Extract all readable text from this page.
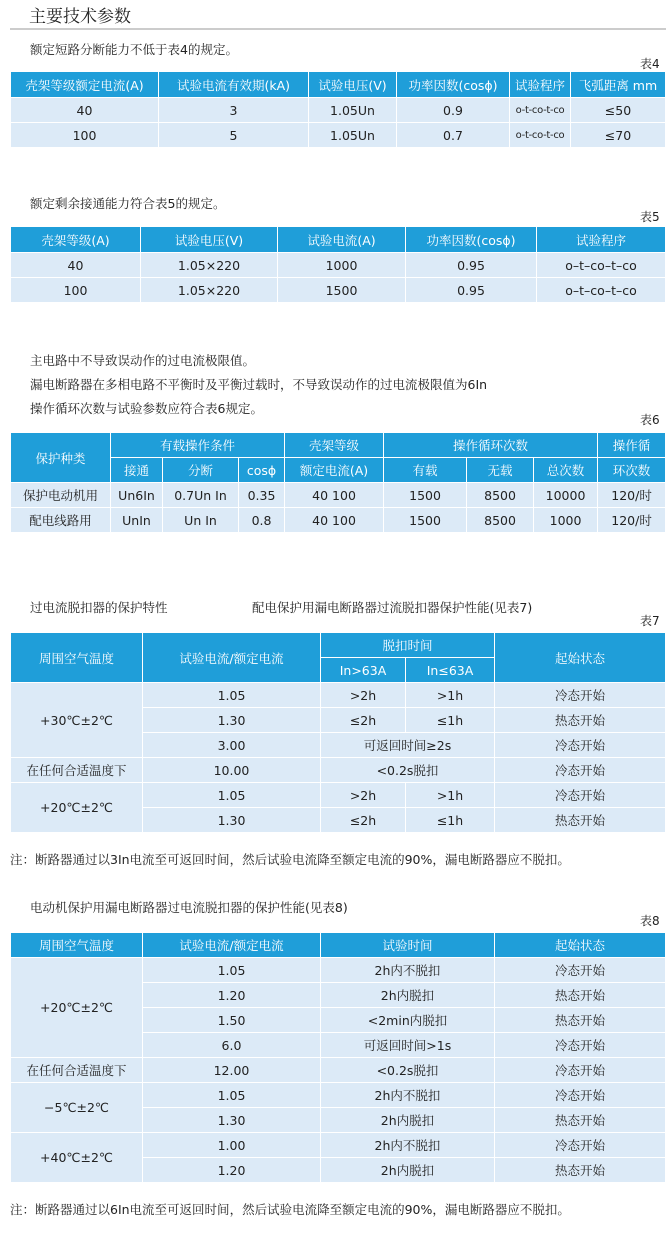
主要技术参数
额定短路分断能力不低于表4的规定。
表4
壳架等级额定电流(A)	试验电流有效期(kA)	试验电压(V)	功率因数(cosϕ)	试验程序	飞弧距离 mm
40	3	1.05Un	0.9	o-t-co-t-co	≤50
100	5	1.05Un	0.7	o-t-co-t-co	≤70
额定剩余接通能力符合表5的规定。
表5
壳架等级(A)	试验电压(V)	试验电流(A)	功率因数(cosϕ)	试验程序
40	1.05×220	1000	0.95	o–t–co–t–co
100	1.05×220	1500	0.95	o–t–co–t–co
主电路中不导致误动作的过电流极限值。
漏电断路器在多相电路不平衡时及平衡过载时，不导致误动作的过电流极限值为6In
操作循环次数与试验参数应符合表6规定。
表6
保护种类	有载操作条件			壳架等级	操作循环次数			操作循
	接通	分断	cosϕ	额定电流(A)	有载	无载	总次数	环次数
保护电动机用	Un6In	0.7Un In	0.35	40 100	1500	8500	10000	120/时
配电线路用	UnIn	Un In	0.8	40 100	1500	8500	1000	120/时
过电流脱扣器的保护特性	配电保护用漏电断路器过流脱扣器保护性能(见表7)
表7
周围空气温度	试验电流/额定电流	脱扣时间		起始状态
		In>63A	In≤63A	
+30℃±2℃	1.05	>2h	>1h	冷态开始
	1.30	≤2h	≤1h	热态开始
	3.00	可返回时间≥2s		冷态开始
在任何合适温度下	10.00	<0.2s脱扣		冷态开始
+20℃±2℃	1.05	>2h	>1h	冷态开始
	1.30	≤2h	≤1h	热态开始
注：断路器通过以3In电流至可返回时间，然后试验电流降至额定电流的90%，漏电断路器应不脱扣。
电动机保护用漏电断路器过电流脱扣器的保护性能(见表8)
表8
周围空气温度	试验电流/额定电流	试验时间	起始状态
+20℃±2℃	1.05	2h内不脱扣	冷态开始
	1.20	2h内脱扣	热态开始
	1.50	<2min内脱扣	热态开始
	6.0	可返回时间>1s	冷态开始
在任何合适温度下	12.00	<0.2s脱扣	冷态开始
−5℃±2℃	1.05	2h内不脱扣	冷态开始
	1.30	2h内脱扣	热态开始
+40℃±2℃	1.00	2h内不脱扣	冷态开始
	1.20	2h内脱扣	热态开始
注：断路器通过以6In电流至可返回时间，然后试验电流降至额定电流的90%，漏电断路器应不脱扣。
